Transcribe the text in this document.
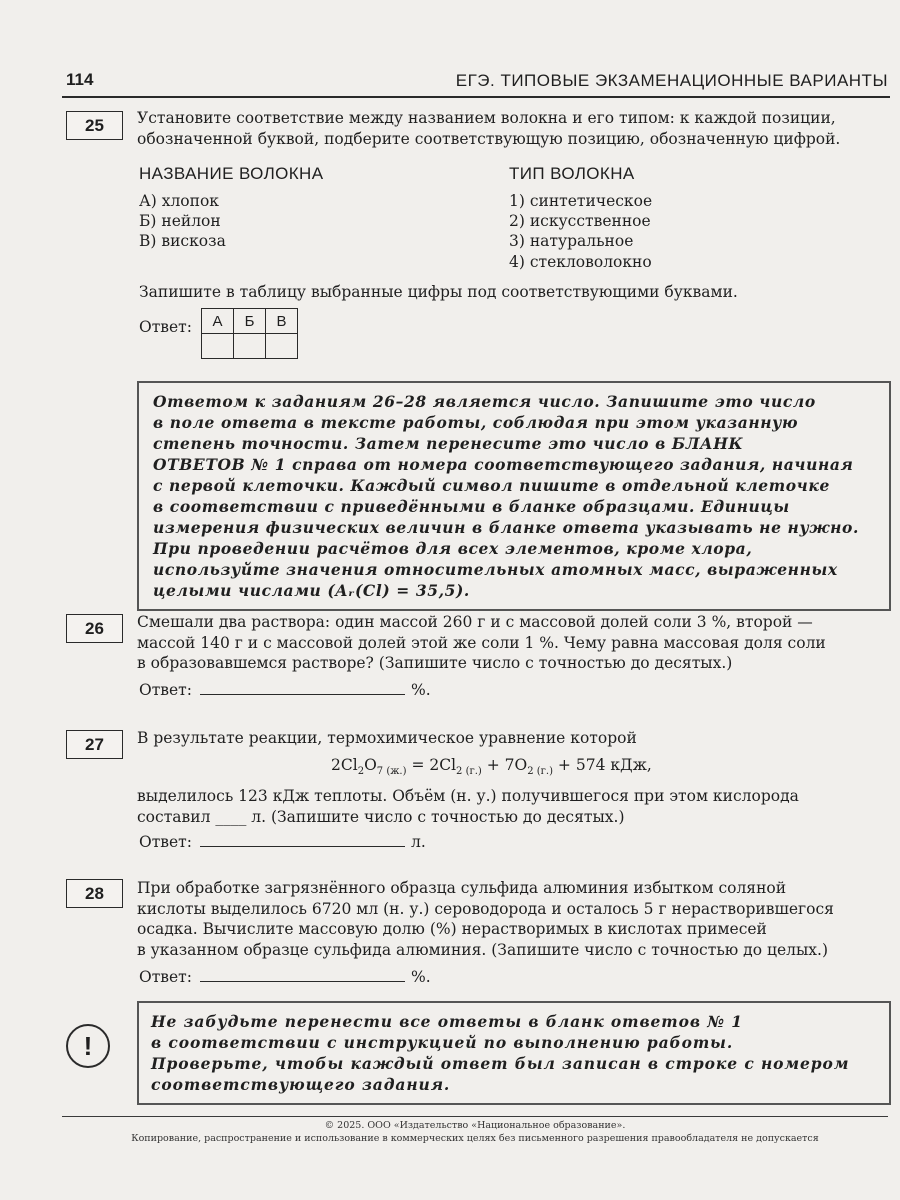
114	ЕГЭ. ТИПОВЫЕ ЭКЗАМЕНАЦИОННЫЕ ВАРИАНТЫ
25	Установите соответствие между названием волокна и его типом: к каждой позиции,
обозначенной буквой, подберите соответствующую позицию, обозначенную цифрой.
НАЗВАНИЕ ВОЛОКНА	ТИП ВОЛОКНА
А) хлопок
Б) нейлон
В) вискоза
1) синтетическое
2) искусственное
3) натуральное
4) стекловолокно
Запишите в таблицу выбранные цифры под соответствующими буквами.
Ответ: А	Б	В

Ответом к заданиям 26–28 является число. Запишите это число
в поле ответа в тексте работы, соблюдая при этом указанную
степень точности. Затем перенесите это число в БЛАНК
ОТВЕТОВ № 1 справа от номера соответствующего задания, начиная
с первой клеточки. Каждый символ пишите в отдельной клеточке
в соответствии с приведёнными в бланке образцами. Единицы
измерения физических величин в бланке ответа указывать не нужно.
При проведении расчётов для всех элементов, кроме хлора,
используйте значения относительных атомных масс, выраженных
целыми числами (Aᵣ(Cl) = 35,5).
26	Смешали два раствора: один массой 260 г и с массовой долей соли 3 %, второй —
массой 140 г и с массовой долей этой же соли 1 %. Чему равна массовая доля соли
в образовавшемся растворе? (Запишите число с точностью до десятых.)
Ответ:	%.
27	В результате реакции, термохимическое уравнение которой
$2Cl_2O_{7 (ж.)} = 2Cl_{2 (г.)} + 7O_{2 (г.)} + 574$ кДж,
выделилось 123 кДж теплоты. Объём (н. у.) получившегося при этом кислорода
составил ____ л. (Запишите число с точностью до десятых.)
Ответ:	л.
28	При обработке загрязнённого образца сульфида алюминия избытком соляной
кислоты выделилось 6720 мл (н. у.) сероводорода и осталось 5 г нерастворившегося
осадка. Вычислите массовую долю (%) нерастворимых в кислотах примесей
в указанном образце сульфида алюминия. (Запишите число с точностью до целых.)
Ответ:	%.
!
Не забудьте перенести все ответы в бланк ответов № 1
в соответствии с инструкцией по выполнению работы.
Проверьте, чтобы каждый ответ был записан в строке с номером
соответствующего задания.
© 2025. ООО «Издательство «Национальное образование».
Копирование, распространение и использование в коммерческих целях без письменного разрешения правообладателя не допускается
